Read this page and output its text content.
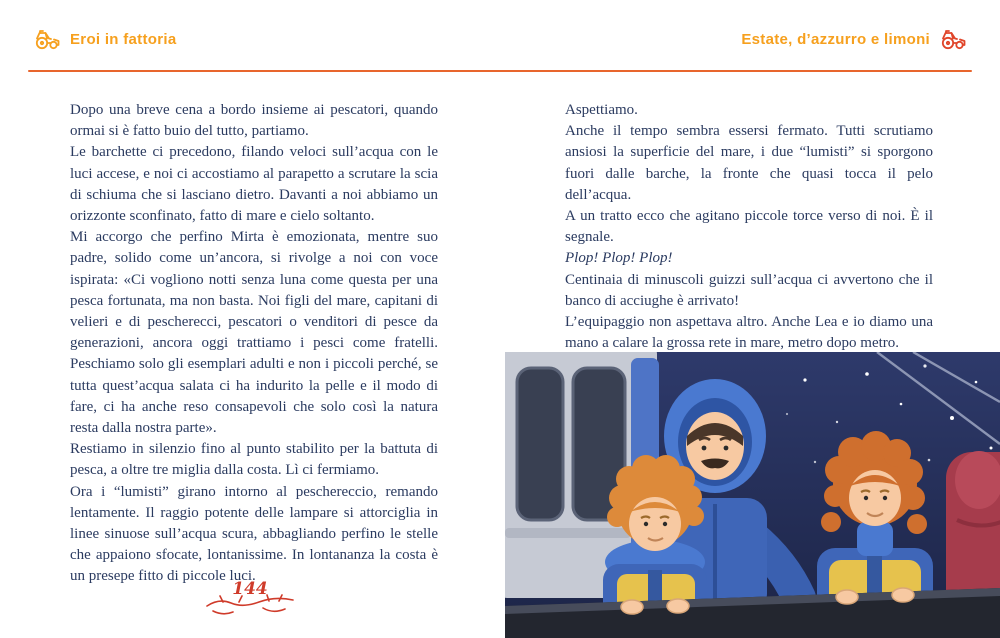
Eroi in fattoria	Estate, d’azzurro e limoni

Dopo una breve cena a bordo insieme ai pescatori, quando ormai si è fatto buio del tutto, partiamo.

Le barchette ci precedono, filando veloci sull’acqua con le luci accese, e noi ci accostiamo al parapetto a scrutare la scia di schiuma che si lasciano dietro. Davanti a noi abbiamo un orizzonte sconfinato, fatto di mare e cielo soltanto.

Mi accorgo che perfino Mirta è emozionata, mentre suo padre, solido come un’ancora, si rivolge a noi con voce ispirata: «Ci vogliono notti senza luna come questa per una pesca fortunata, ma non basta. Noi figli del mare, capitani di velieri e di pescherecci, pescatori o venditori di pesce da generazioni, ancora oggi trattiamo i pesci come fratelli. Peschiamo solo gli esemplari adulti e non i piccoli perché, se tutta quest’acqua salata ci ha indurito la pelle e il modo di fare, ci ha anche reso consapevoli che solo così la natura resta dalla nostra parte».

Restiamo in silenzio fino al punto stabilito per la battuta di pesca, a oltre tre miglia dalla costa. Lì ci fermiamo.

Ora i “lumisti” girano intorno al peschereccio, remando lentamente. Il raggio potente delle lampare si attorciglia in linee sinuose sull’acqua scura, abbagliando perfino le stelle che appaiono sfocate, lontanissime. In lontananza la costa è un presepe fitto di piccole luci.

Aspettiamo.

Anche il tempo sembra essersi fermato. Tutti scrutiamo ansiosi la superficie del mare, i due “lumisti” si sporgono fuori dalle barche, la fronte che quasi tocca il pelo dell’acqua.

A un tratto ecco che agitano piccole torce verso di noi. È il segnale.

Plop! Plop! Plop!

Centinaia di minuscoli guizzi sull’acqua ci avvertono che il banco di acciughe è arrivato!

L’equipaggio non aspettava altro. Anche Lea e io diamo una mano a calare la grossa rete in mare, metro dopo metro.

144
